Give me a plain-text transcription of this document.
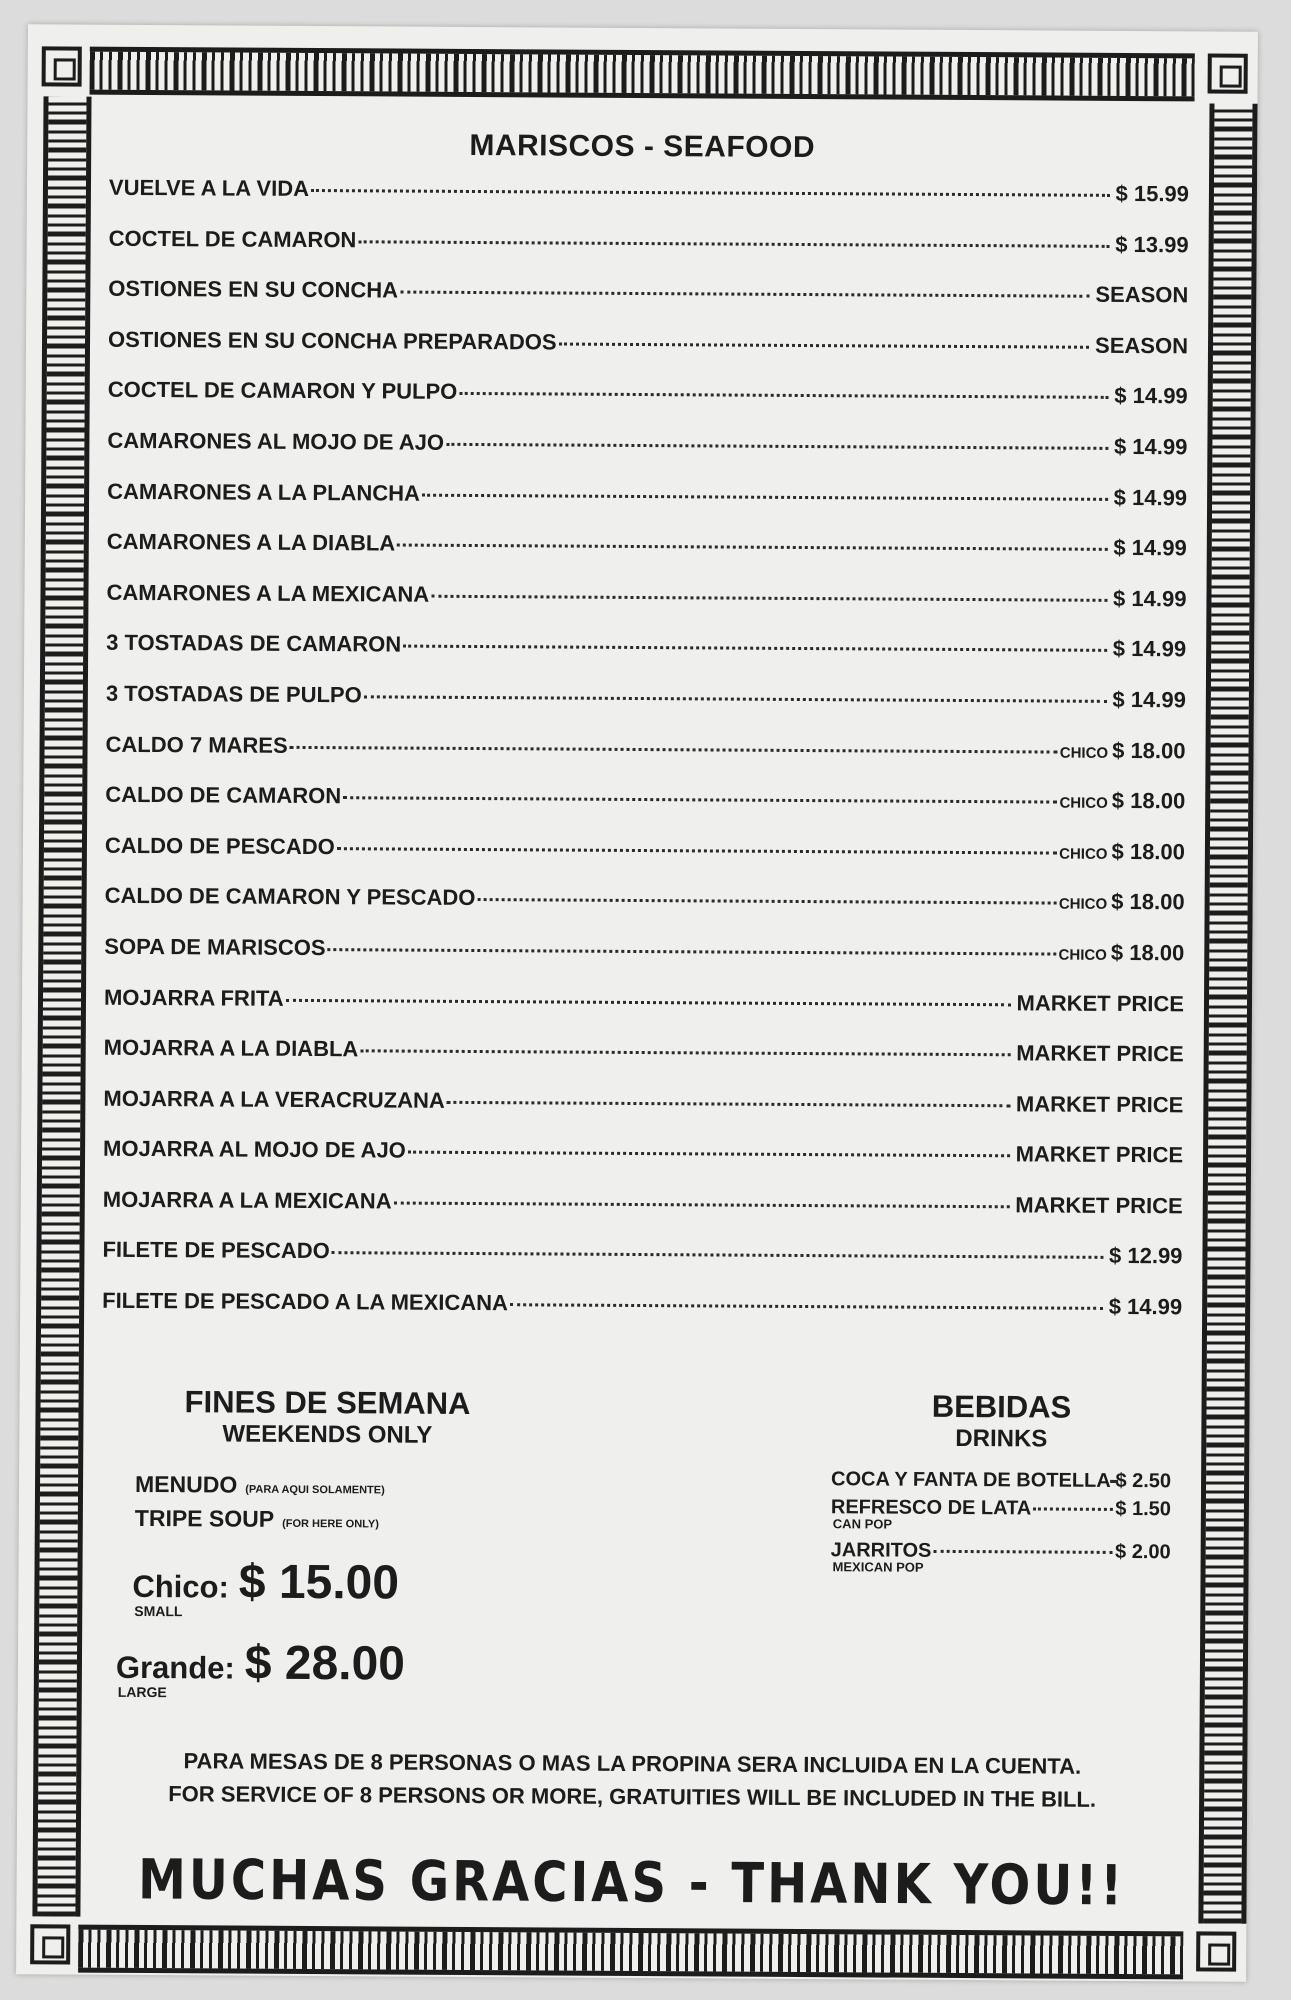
MARISCOS - SEAFOOD
VUELVE A LA VIDA	$ 15.99
COCTEL DE CAMARON	$ 13.99
OSTIONES EN SU CONCHA	SEASON
OSTIONES EN SU CONCHA PREPARADOS	SEASON
COCTEL DE CAMARON Y PULPO	$ 14.99
CAMARONES AL MOJO DE AJO	$ 14.99
CAMARONES A LA PLANCHA	$ 14.99
CAMARONES A LA DIABLA	$ 14.99
CAMARONES A LA MEXICANA	$ 14.99
3 TOSTADAS DE CAMARON	$ 14.99
3 TOSTADAS DE PULPO	$ 14.99
CALDO 7 MARES	CHICO $ 18.00
CALDO DE CAMARON	CHICO $ 18.00
CALDO DE PESCADO	CHICO $ 18.00
CALDO DE CAMARON Y PESCADO	CHICO $ 18.00
SOPA DE MARISCOS	CHICO $ 18.00
MOJARRA FRITA	MARKET PRICE
MOJARRA A LA DIABLA	MARKET PRICE
MOJARRA A LA VERACRUZANA	MARKET PRICE
MOJARRA AL MOJO DE AJO	MARKET PRICE
MOJARRA A LA MEXICANA	MARKET PRICE
FILETE DE PESCADO	$ 12.99
FILETE DE PESCADO A LA MEXICANA	$ 14.99
FINES DE SEMANA
WEEKENDS ONLY
MENUDO (PARA AQUI SOLAMENTE)
TRIPE SOUP (FOR HERE ONLY)
Chico: $ 15.00
SMALL
Grande: $ 28.00
LARGE
BEBIDAS
DRINKS
COCA Y FANTA DE BOTELLA $ 2.50
REFRESCO DE LATA	$ 1.50
CAN POP
JARRITOS	$ 2.00
MEXICAN POP
PARA MESAS DE 8 PERSONAS O MAS LA PROPINA SERA INCLUIDA EN LA CUENTA.
FOR SERVICE OF 8 PERSONS OR MORE, GRATUITIES WILL BE INCLUDED IN THE BILL.
MUCHAS GRACIAS - THANK YOU!!
